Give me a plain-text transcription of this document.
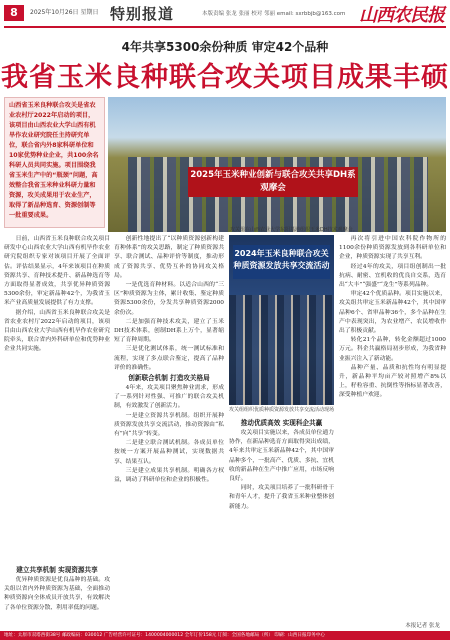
8	2025年10月26日 星期日 特别报道	本版责编 张龙 张丽 校对 邻丽 email: sxrbbjb@163.com 山西农民报
4年共享5300余份种质 审定42个品种
我省玉米良种联合攻关项目成果丰硕
山西省玉米良种联合攻关是省农业农村厅2022年启动的项目，该项目由山西农业大学山西有机旱作农业研究院任主持研究单位，联合省内外8家科研单位和10家优势种业企业，共100余名科研人员共同实施。项目围绕我省玉米生产中的“瓶颈”问题，高效整合我省玉米种业科研力量和资源，攻关成果用于农业生产，取得了新品种选育、资源创制等一批重要成果。
2025年玉米种业创新与联合攻关共享DH系观摩会
攻关组在山西农业大学东阳基地组织玉米DH技术观摩会。

日前，山西省玉米良种联合攻关项目研发中心山西农业大学山西有机旱作农业研究院组织专家对该项目开展了全面评估。评估结果显示，4年来该项目在种质资源共享、育种技术提升、新品种选育等方面取得显著成效，共享优异种质资源5300余份，审定新品种42个，为我省玉米产业高质量发展提供了有力支撑。

据介绍，山西省玉米良种联合攻关是省农业农村厅2022年启动的项目，该项目由山西农业大学山西有机旱作农业研究院牵头，联合省内外科研单位和优势种业企业共同实施。

建立共享机制 实现资源共享

优异种质资源是优良品种的基础。攻关组以省内外种质资源为基础，全面推动种质资源向全体成员开放共享，有效解决了各单位资源分散、利用率低的问题。

创新性地提出了“以种质资源创新构建育种体系”的攻关思路，制定了种质资源共享、联合测试、品种评价等制度，推动形成了资源共享、优势互补的协同攻关格局。

一是优选育种材料。以适合山西的“三区”种质资源为主体，累计收集、鉴定种质资源5300余份，分发共享种质资源2000余份次。

二是加强育种技术攻关，建立了玉米DH技术体系，创制DH系上万个，显著缩短了育种周期。

三是优化测试体系，统一测试标准和流程，实现了多点联合鉴定，提高了品种评价的准确性。

创新联合机制 打造攻关格局

4年来，攻关项目聚焦种业需求，形成了一系列针对性强、可推广的联合攻关机制，有效激发了创新活力。

一是建立资源共享机制。组织开展种质资源发放共享交流活动，推动资源由“私有”向“共享”转变。

二是建立联合测试机制。各成员单位按统一方案开展品种测试，实现数据共享、结果互认。

三是建立成果共享机制。明确各方权益，调动了科研单位和企业的积极性。

2024年玉米良种联合攻关种质资源发放共享交流活动
攻关组组织优质种质资源发放共享交流活动现场

推动优质高效 实现科企共赢

攻关项目实施以来，各成员单位通力协作，在新品种选育方面取得突出成绩，4年来共审定玉米新品种42个，其中国审品种多个，一批高产、优质、多抗、宜机收的新品种在生产中推广应用，市场反响良好。

同时，攻关项目培养了一批科研骨干和青年人才，提升了我省玉米种业整体创新能力。

再次将引进中国农科院作物所的1100余份种质资源发放到各科研单位和企业，种质资源实现了共享互利。

经过4年的攻关，项目组创制出一批抗病、耐密、宜机收的优良自交系，选育出“大丰”“强盛”“龙生”等系列品种。

审定42个优质品种。项目实施以来，攻关组共审定玉米新品种42个，其中国审品种6个、省审品种36个，多个品种在生产中表现突出，为农业增产、农民增收作出了积极贡献。

转化21个品种，转化金额超过1000万元。科企共赢格局初步形成，为我省种业振兴注入了新动能。

品种产量、品质和抗性均有明显提升，新品种平均亩产较对照增产8%以上，籽粒容重、抗倒性等指标显著改善，深受种植户欢迎。

本报记者 张龙
地址：太原市双塔西街38号 邮政编码：030012 广告经营许可证号：1400004000012 全年订价158元 订阅：全国各地邮局（所） 印刷：山西日报印务中心
